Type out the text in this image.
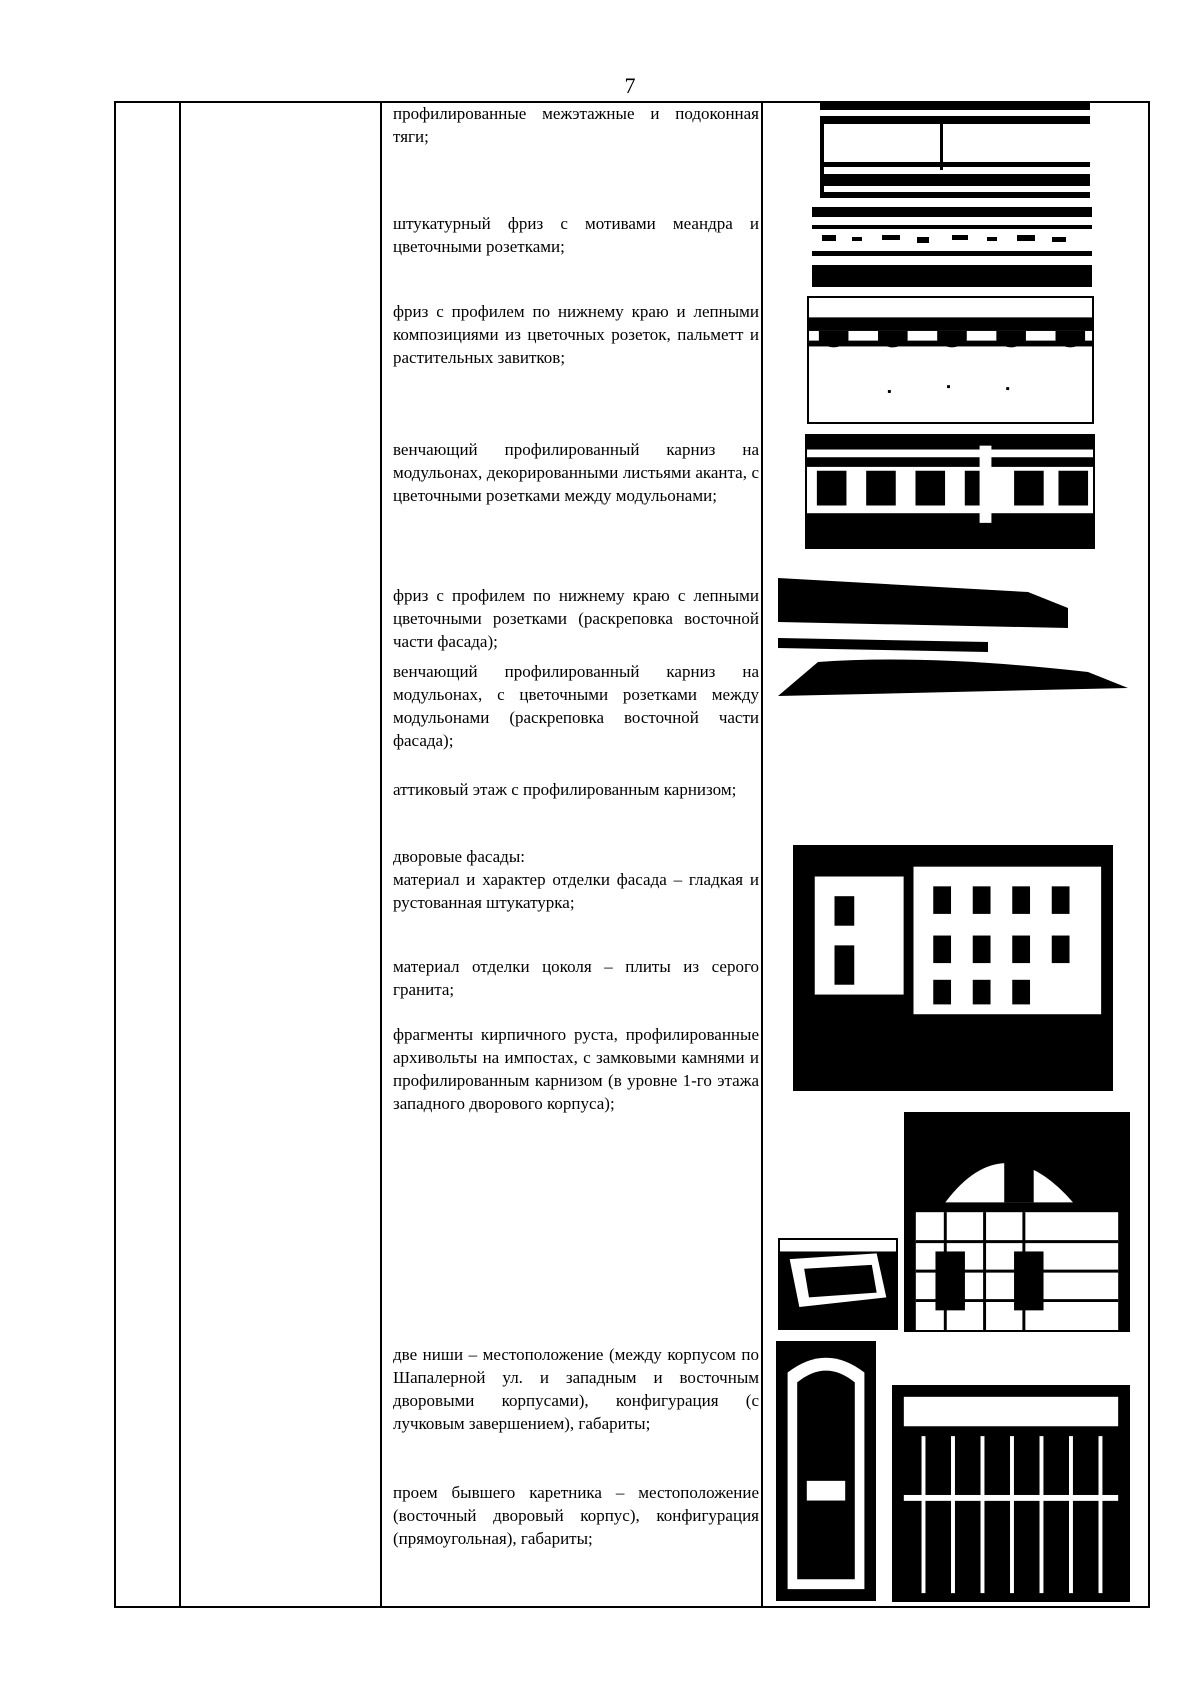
7
профилированные межэтажные и подоконная тяги;
штукатурный фриз с мотивами меандра и цветочными розетками;
фриз с профилем по нижнему краю и лепными композициями из цветочных розеток, пальметт и растительных завитков;
венчающий профилированный карниз на модульонах, декорированными листьями аканта, с цветочными розетками между модульонами;
фриз с профилем по нижнему краю с лепными цветочными розетками (раскреповка восточной части фасада);
венчающий профилированный карниз на модульонах, с цветочными розетками между модульонами (раскреповка восточной части фасада);
аттиковый этаж с профилированным карнизом;
дворовые фасады:
материал и характер отделки фасада – гладкая и рустованная штукатурка;
материал отделки цоколя – плиты из серого гранита;
фрагменты кирпичного руста, профилированные архивольты на импостах, с замковыми камнями и профилированным карнизом (в уровне 1-го этажа западного дворового корпуса);
две ниши – местоположение (между корпусом по Шапалерной ул. и западным и восточным дворовыми корпусами), конфигурация (с лучковым завершением), габариты;
проем бывшего каретника – местоположение (восточный дворовый корпус), конфигурация (прямоугольная), габариты;
